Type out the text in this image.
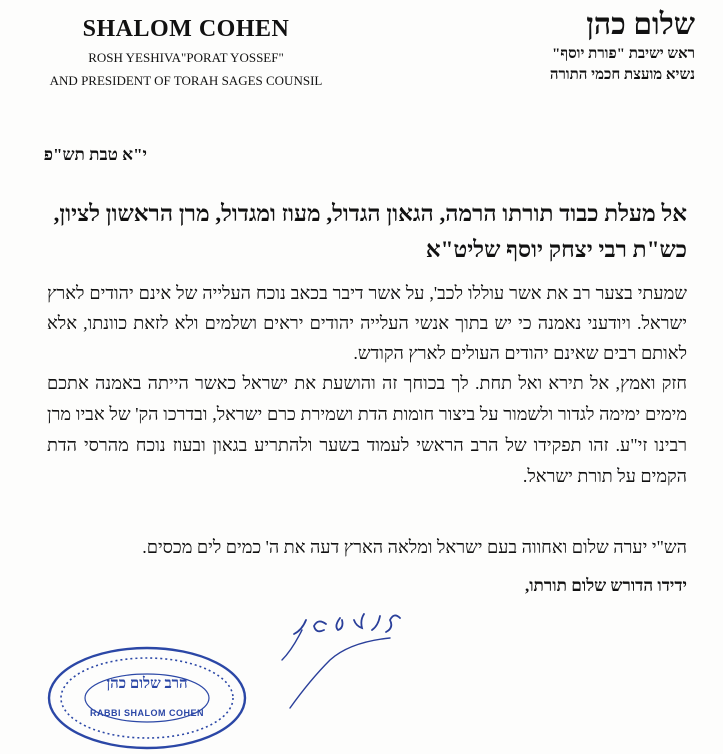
SHALOM COHEN
ROSH YESHIVA"PORAT YOSSEF"
AND PRESIDENT OF TORAH SAGES COUNSIL
שלום כהן
ראש ישיבת "פורת יוסף"
נשיא מועצת חכמי התורה
י"א טבת תש"פ
אל מעלת כבוד תורתו הרמה, הגאון הגדול, מעוז ומגדול, מרן הראשון לציון, כש"ת רבי יצחק יוסף שליט"א
שמעתי בצער רב את אשר עוללו לכב', על אשר דיבר בכאב נוכח העלייה של אינם יהודים לארץ ישראל. ויודעני נאמנה כי יש בתוך אנשי העלייה יהודים יראים ושלמים ולא לזאת כוונתו, אלא לאותם רבים שאינם יהודים העולים לארץ הקודש.
חזק ואמץ, אל תירא ואל תחת. לך בכוחך זה והושעת את ישראל כאשר הייתה באמנה אתכם מימים ימימה לגדור ולשמור על ביצור חומות הדת ושמירת כרם ישראל, ובדרכו הק' של אביו מרן רבינו זי"ע. זהו תפקידו של הרב הראשי לעמוד בשער ולהתריע בגאון ובעוז נוכח מהרסי הדת הקמים על תורת ישראל.
הש"י יערה שלום ואחווה בעם ישראל ומלאה הארץ דעה את ה' כמים לים מכסים.
ידידו הדורש שלום תורתו,
הרב שלום כהן
RABBI SHALOM COHEN
